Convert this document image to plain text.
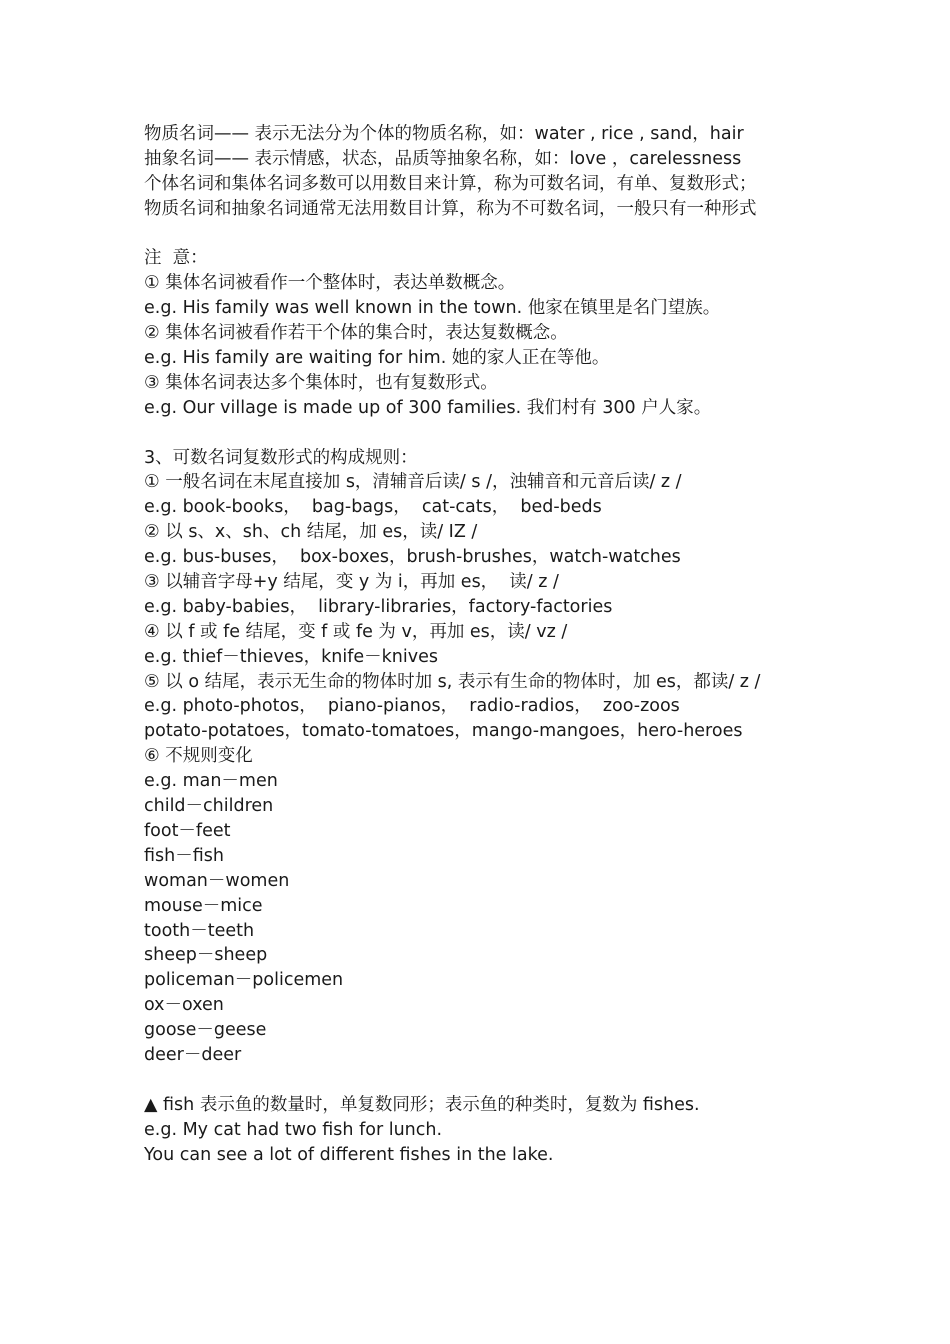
物质名词—— 表示无法分为个体的物质名称，如：water , rice , sand，hair
抽象名词—— 表示情感，状态，品质等抽象名称，如：love ，carelessness
个体名词和集体名词多数可以用数目来计算，称为可数名词，有单、复数形式；
物质名词和抽象名词通常无法用数目计算，称为不可数名词，一般只有一种形式
注  意：
① 集体名词被看作一个整体时，表达单数概念。
e.g. His family was well known in the town. 他家在镇里是名门望族。
② 集体名词被看作若干个体的集合时，表达复数概念。
e.g. His family are waiting for him. 她的家人正在等他。
③ 集体名词表达多个集体时，也有复数形式。
e.g. Our village is made up of 300 families. 我们村有 300 户人家。
3、可数名词复数形式的构成规则：
① 一般名词在末尾直接加 s，清辅音后读/ s /，浊辅音和元音后读/ z /
e.g. book-books，  bag-bags，  cat-cats，  bed-beds
② 以 s、x、sh、ch 结尾，加 es，读/ IZ /
e.g. bus-buses，  box-boxes，brush-brushes，watch-watches
③ 以辅音字母+y 结尾，变 y 为 i，再加 es，  读/ z /
e.g. baby-babies，  library-libraries，factory-factories
④ 以 f 或 fe 结尾，变 f 或 fe 为 v，再加 es，读/ vz /
e.g. thief－thieves，knife－knives
⑤ 以 o 结尾，表示无生命的物体时加 s, 表示有生命的物体时，加 es，都读/ z /
e.g. photo-photos，  piano-pianos，  radio-radios，  zoo-zoos
potato-potatoes，tomato-tomatoes，mango-mangoes，hero-heroes
⑥ 不规则变化
e.g. man－men
child－children
foot－feet
fish－fish
woman－women
mouse－mice
tooth－teeth
sheep－sheep
policeman－policemen
ox－oxen
goose－geese
deer－deer
▲ fish 表示鱼的数量时，单复数同形；表示鱼的种类时，复数为 fishes.
e.g. My cat had two fish for lunch.
You can see a lot of different fishes in the lake.
